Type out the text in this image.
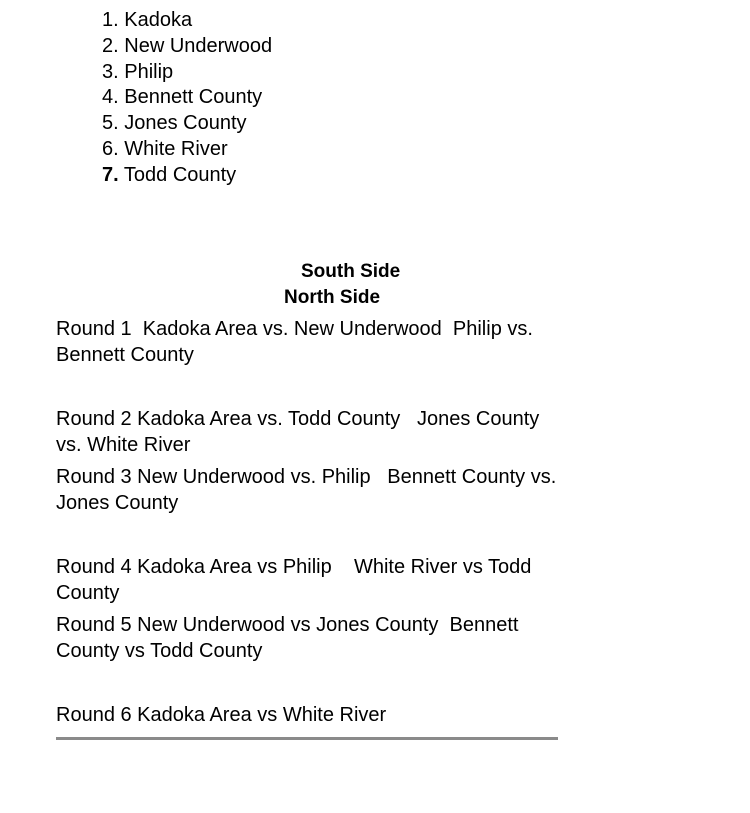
1. Kadoka
2. New Underwood
3. Philip
4. Bennett County
5. Jones County
6. White River
7. Todd County
South Side
North Side
Round 1  Kadoka Area vs. New Underwood  Philip vs. Bennett County
Round 2 Kadoka Area vs. Todd County   Jones County vs. White River
Round 3 New Underwood vs. Philip   Bennett County vs. Jones County
Round 4 Kadoka Area vs Philip    White River vs Todd County
Round 5 New Underwood vs Jones County  Bennett County vs Todd County
Round 6 Kadoka Area vs White River
